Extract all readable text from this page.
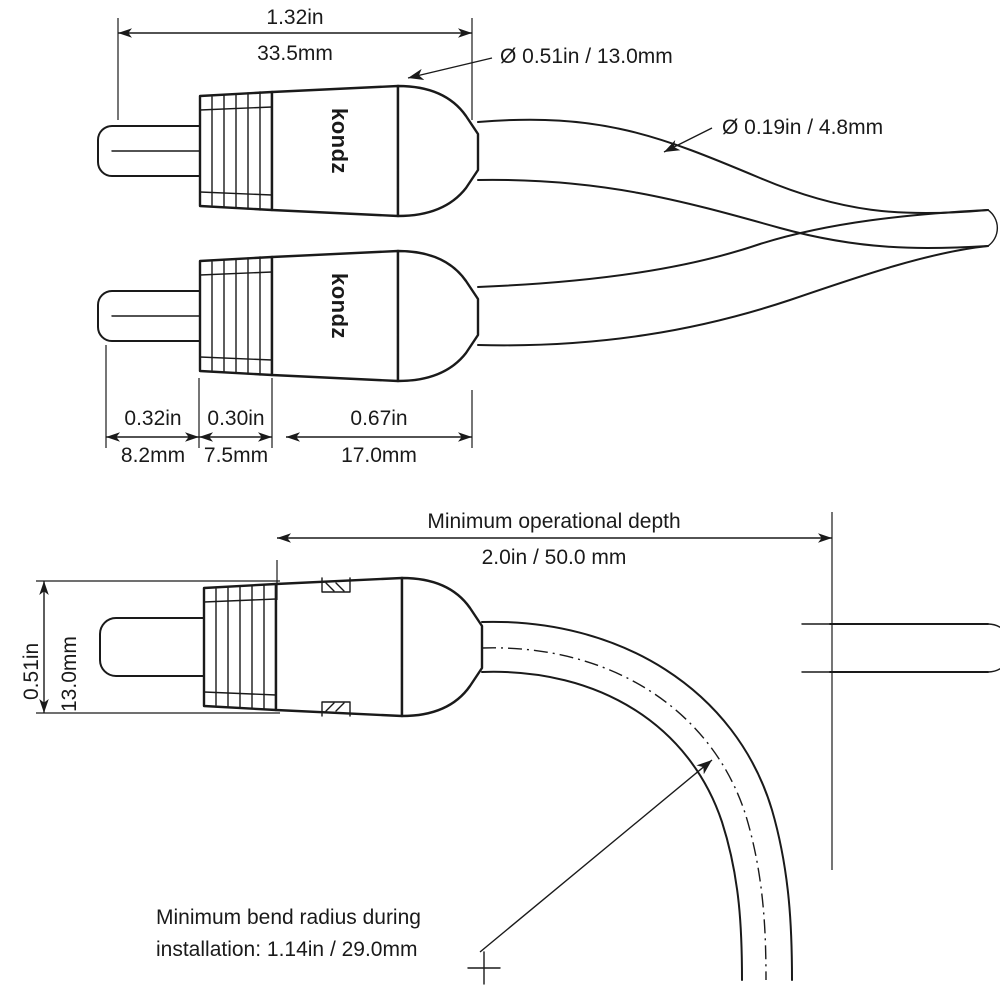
1.32in
33.5mm	Ø 0.51in / 13.0mm
Ø 0.19in / 4.8mm
kondz
kondz
0.32in
8.2mm
0.30in
7.5mm
0.67in
17.0mm
Minimum operational depth
2.0in / 50.0 mm
0.51in 13.0mm
Minimum bend radius during
installation: 1.14in / 29.0mm
